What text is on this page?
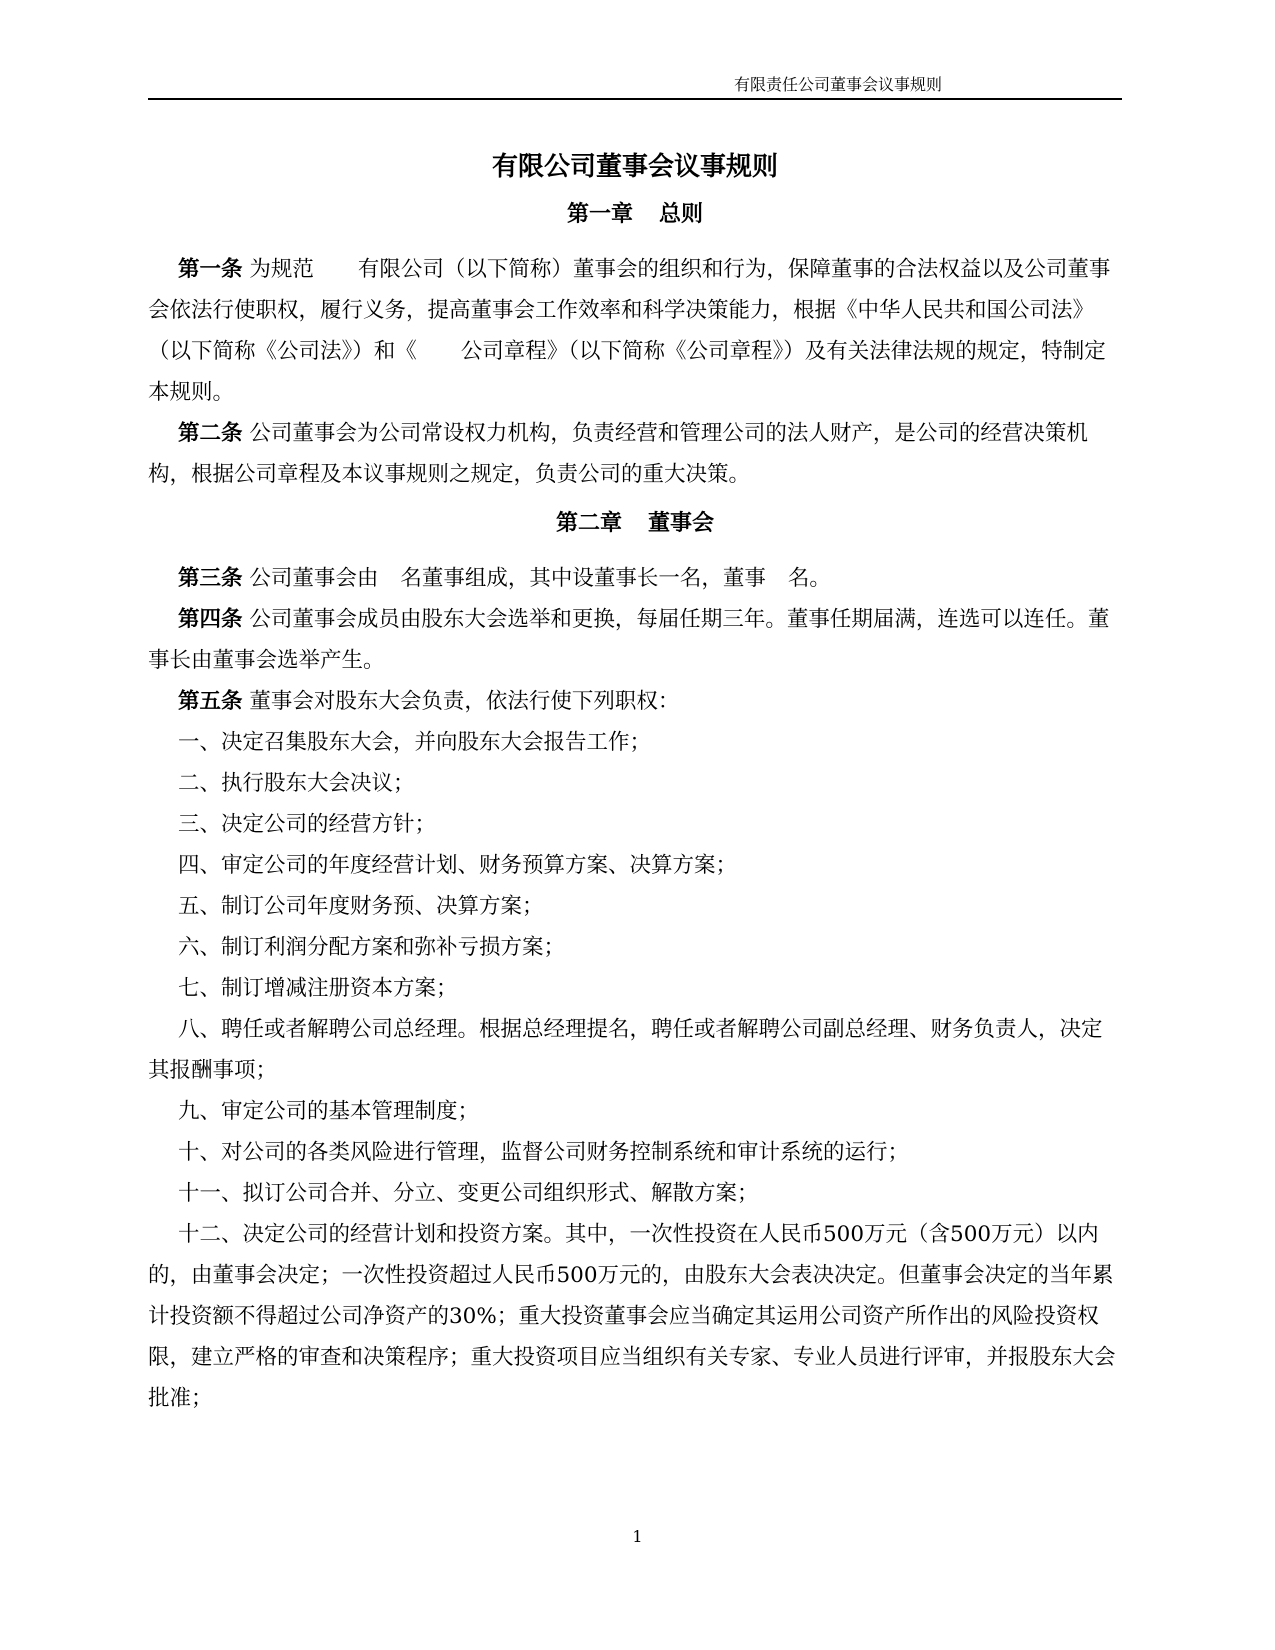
有限责任公司董事会议事规则
有限公司董事会议事规则
第一章 总则

第一条 为规范 有限公司（以下简称）董事会的组织和行为，保障董事的合法权益以及公司董事会依法行使职权，履行义务，提高董事会工作效率和科学决策能力，根据《中华人民共和国公司法》（以下简称《公司法》）和《 公司章程》（以下简称《公司章程》）及有关法律法规的规定，特制定本规则。

第二条 公司董事会为公司常设权力机构，负责经营和管理公司的法人财产，是公司的经营决策机构，根据公司章程及本议事规则之规定，负责公司的重大决策。

第二章 董事会

第三条 公司董事会由 名董事组成，其中设董事长一名，董事 名。

第四条 公司董事会成员由股东大会选举和更换，每届任期三年。董事任期届满，连选可以连任。董事长由董事会选举产生。

第五条 董事会对股东大会负责，依法行使下列职权：

一、决定召集股东大会，并向股东大会报告工作；

二、执行股东大会决议；

三、决定公司的经营方针；

四、审定公司的年度经营计划、财务预算方案、决算方案；

五、制订公司年度财务预、决算方案；

六、制订利润分配方案和弥补亏损方案；

七、制订增减注册资本方案；

八、聘任或者解聘公司总经理。根据总经理提名，聘任或者解聘公司副总经理、财务负责人，决定其报酬事项；

九、审定公司的基本管理制度；

十、对公司的各类风险进行管理，监督公司财务控制系统和审计系统的运行；

十一、拟订公司合并、分立、变更公司组织形式、解散方案；

十二、决定公司的经营计划和投资方案。其中，一次性投资在人民币500万元（含500万元）以内的，由董事会决定；一次性投资超过人民币500万元的，由股东大会表决决定。但董事会决定的当年累计投资额不得超过公司净资产的30%；重大投资董事会应当确定其运用公司资产所作出的风险投资权限，建立严格的审查和决策程序；重大投资项目应当组织有关专家、专业人员进行评审，并报股东大会批准；

1
